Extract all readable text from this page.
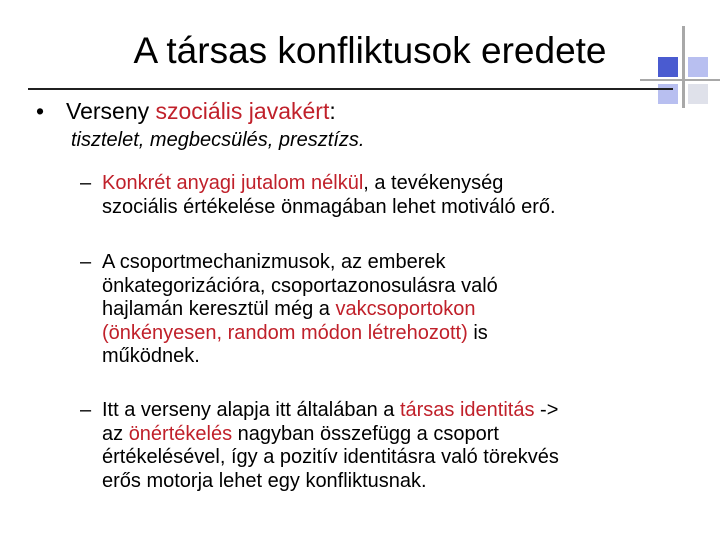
A társas konfliktusok eredete
• Verseny szociális javakért:
tisztelet, megbecsülés, presztízs.
– Konkrét anyagi jutalom nélkül, a tevékenység
szociális értékelése önmagában lehet motiváló erő.
– A csoportmechanizmusok, az emberek
önkategorizációra, csoportazonosulásra való
hajlamán keresztül még a vakcsoportokon
(önkényesen, random módon létrehozott) is
működnek.
– Itt a verseny alapja itt általában a társas identitás ->
az önértékelés nagyban összefügg a csoport
értékelésével, így a pozitív identitásra való törekvés
erős motorja lehet egy konfliktusnak.
